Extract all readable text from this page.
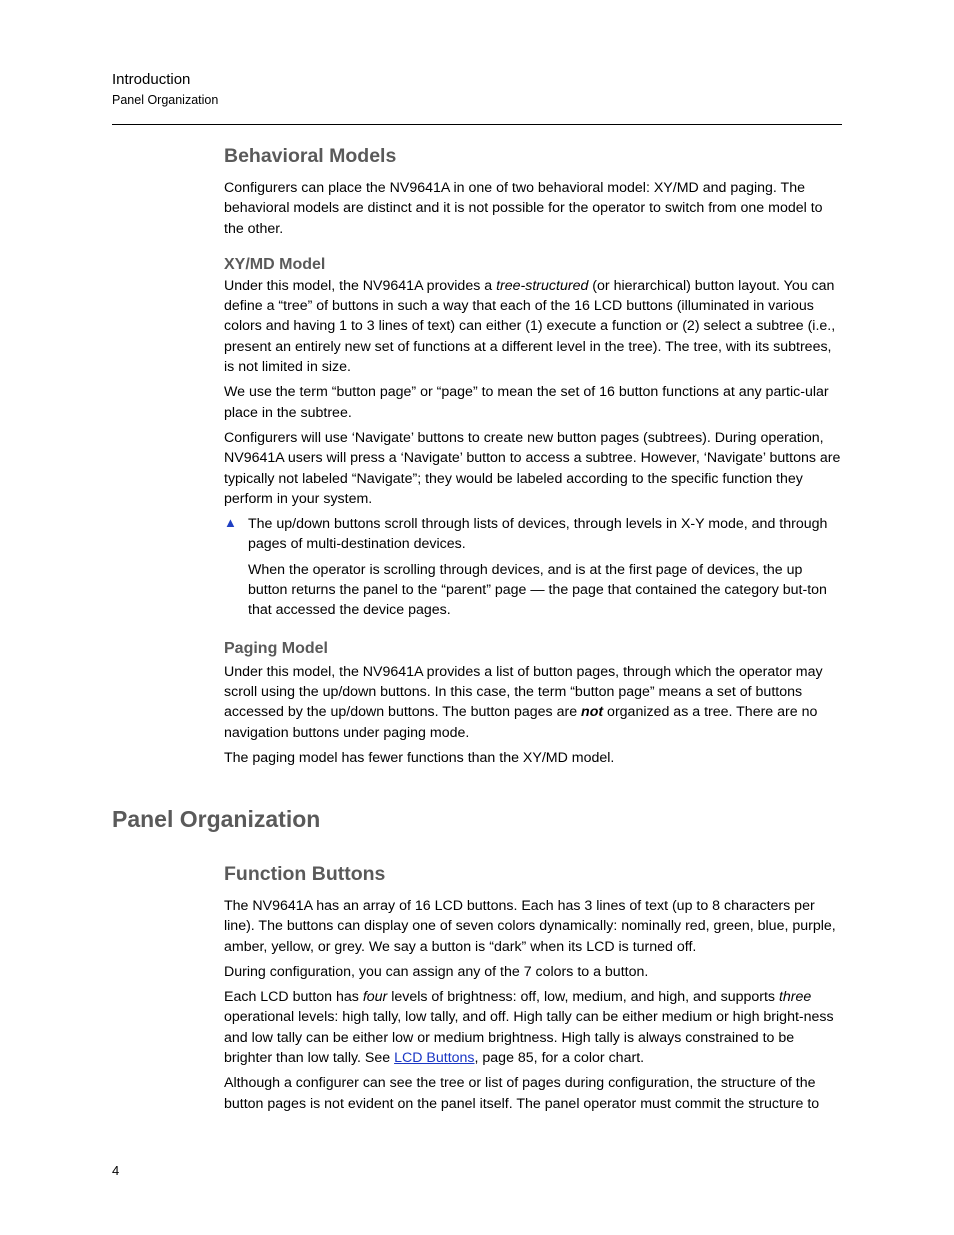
Introduction
Panel Organization
Behavioral Models

Configurers can place the NV9641A in one of two behavioral model: XY/MD and paging. The behavioral models are distinct and it is not possible for the operator to switch from one model to the other.

XY/MD Model

Under this model, the NV9641A provides a tree-structured (or hierarchical) button layout. You can define a “tree” of buttons in such a way that each of the 16 LCD buttons (illuminated in various colors and having 1 to 3 lines of text) can either (1) execute a function or (2) select a subtree (i.e., present an entirely new set of functions at a different level in the tree). The tree, with its subtrees, is not limited in size.

We use the term “button page” or “page” to mean the set of 16 button functions at any partic-ular place in the subtree.

Configurers will use ‘Navigate’ buttons to create new button pages (subtrees). During operation, NV9641A users will press a ‘Navigate’ button to access a subtree. However, ‘Navigate’ buttons are typically not labeled “Navigate”; they would be labeled according to the specific function they perform in your system.

▲ The up/down buttons scroll through lists of devices, through levels in X-Y mode, and through pages of multi-destination devices.

When the operator is scrolling through devices, and is at the first page of devices, the up button returns the panel to the “parent” page — the page that contained the category but-ton that accessed the device pages.

Paging Model

Under this model, the NV9641A provides a list of button pages, through which the operator may scroll using the up/down buttons. In this case, the term “button page” means a set of buttons accessed by the up/down buttons. The button pages are not organized as a tree. There are no navigation buttons under paging mode.

The paging model has fewer functions than the XY/MD model.

Panel Organization
Function Buttons

The NV9641A has an array of 16 LCD buttons. Each has 3 lines of text (up to 8 characters per line). The buttons can display one of seven colors dynamically: nominally red, green, blue, purple, amber, yellow, or grey. We say a button is “dark” when its LCD is turned off.

During configuration, you can assign any of the 7 colors to a button.

Each LCD button has four levels of brightness: off, low, medium, and high, and supports three operational levels: high tally, low tally, and off. High tally can be either medium or high bright-ness and low tally can be either low or medium brightness. High tally is always constrained to be brighter than low tally. See LCD Buttons, page 85, for a color chart.

Although a configurer can see the tree or list of pages during configuration, the structure of the button pages is not evident on the panel itself. The panel operator must commit the structure to

4
